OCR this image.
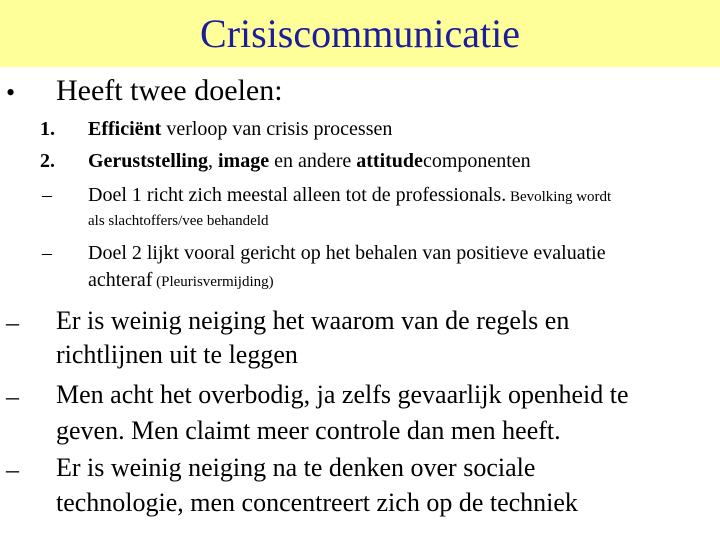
Crisiscommunicatie
• Heeft twee doelen:
1. Efficiënt verloop van crisis processen
2. Geruststelling, image en andere attitudecomponenten
– Doel 1 richt zich meestal alleen tot de professionals. Bevolking wordt
als slachtoffers/vee behandeld
– Doel 2 lijkt vooral gericht op het behalen van positieve evaluatie
achteraf (Pleurisvermijding)
– Er is weinig neiging het waarom van de regels en
richtlijnen uit te leggen
– Men acht het overbodig, ja zelfs gevaarlijk openheid te
geven. Men claimt meer controle dan men heeft.
– Er is weinig neiging na te denken over sociale
technologie, men concentreert zich op de techniek
